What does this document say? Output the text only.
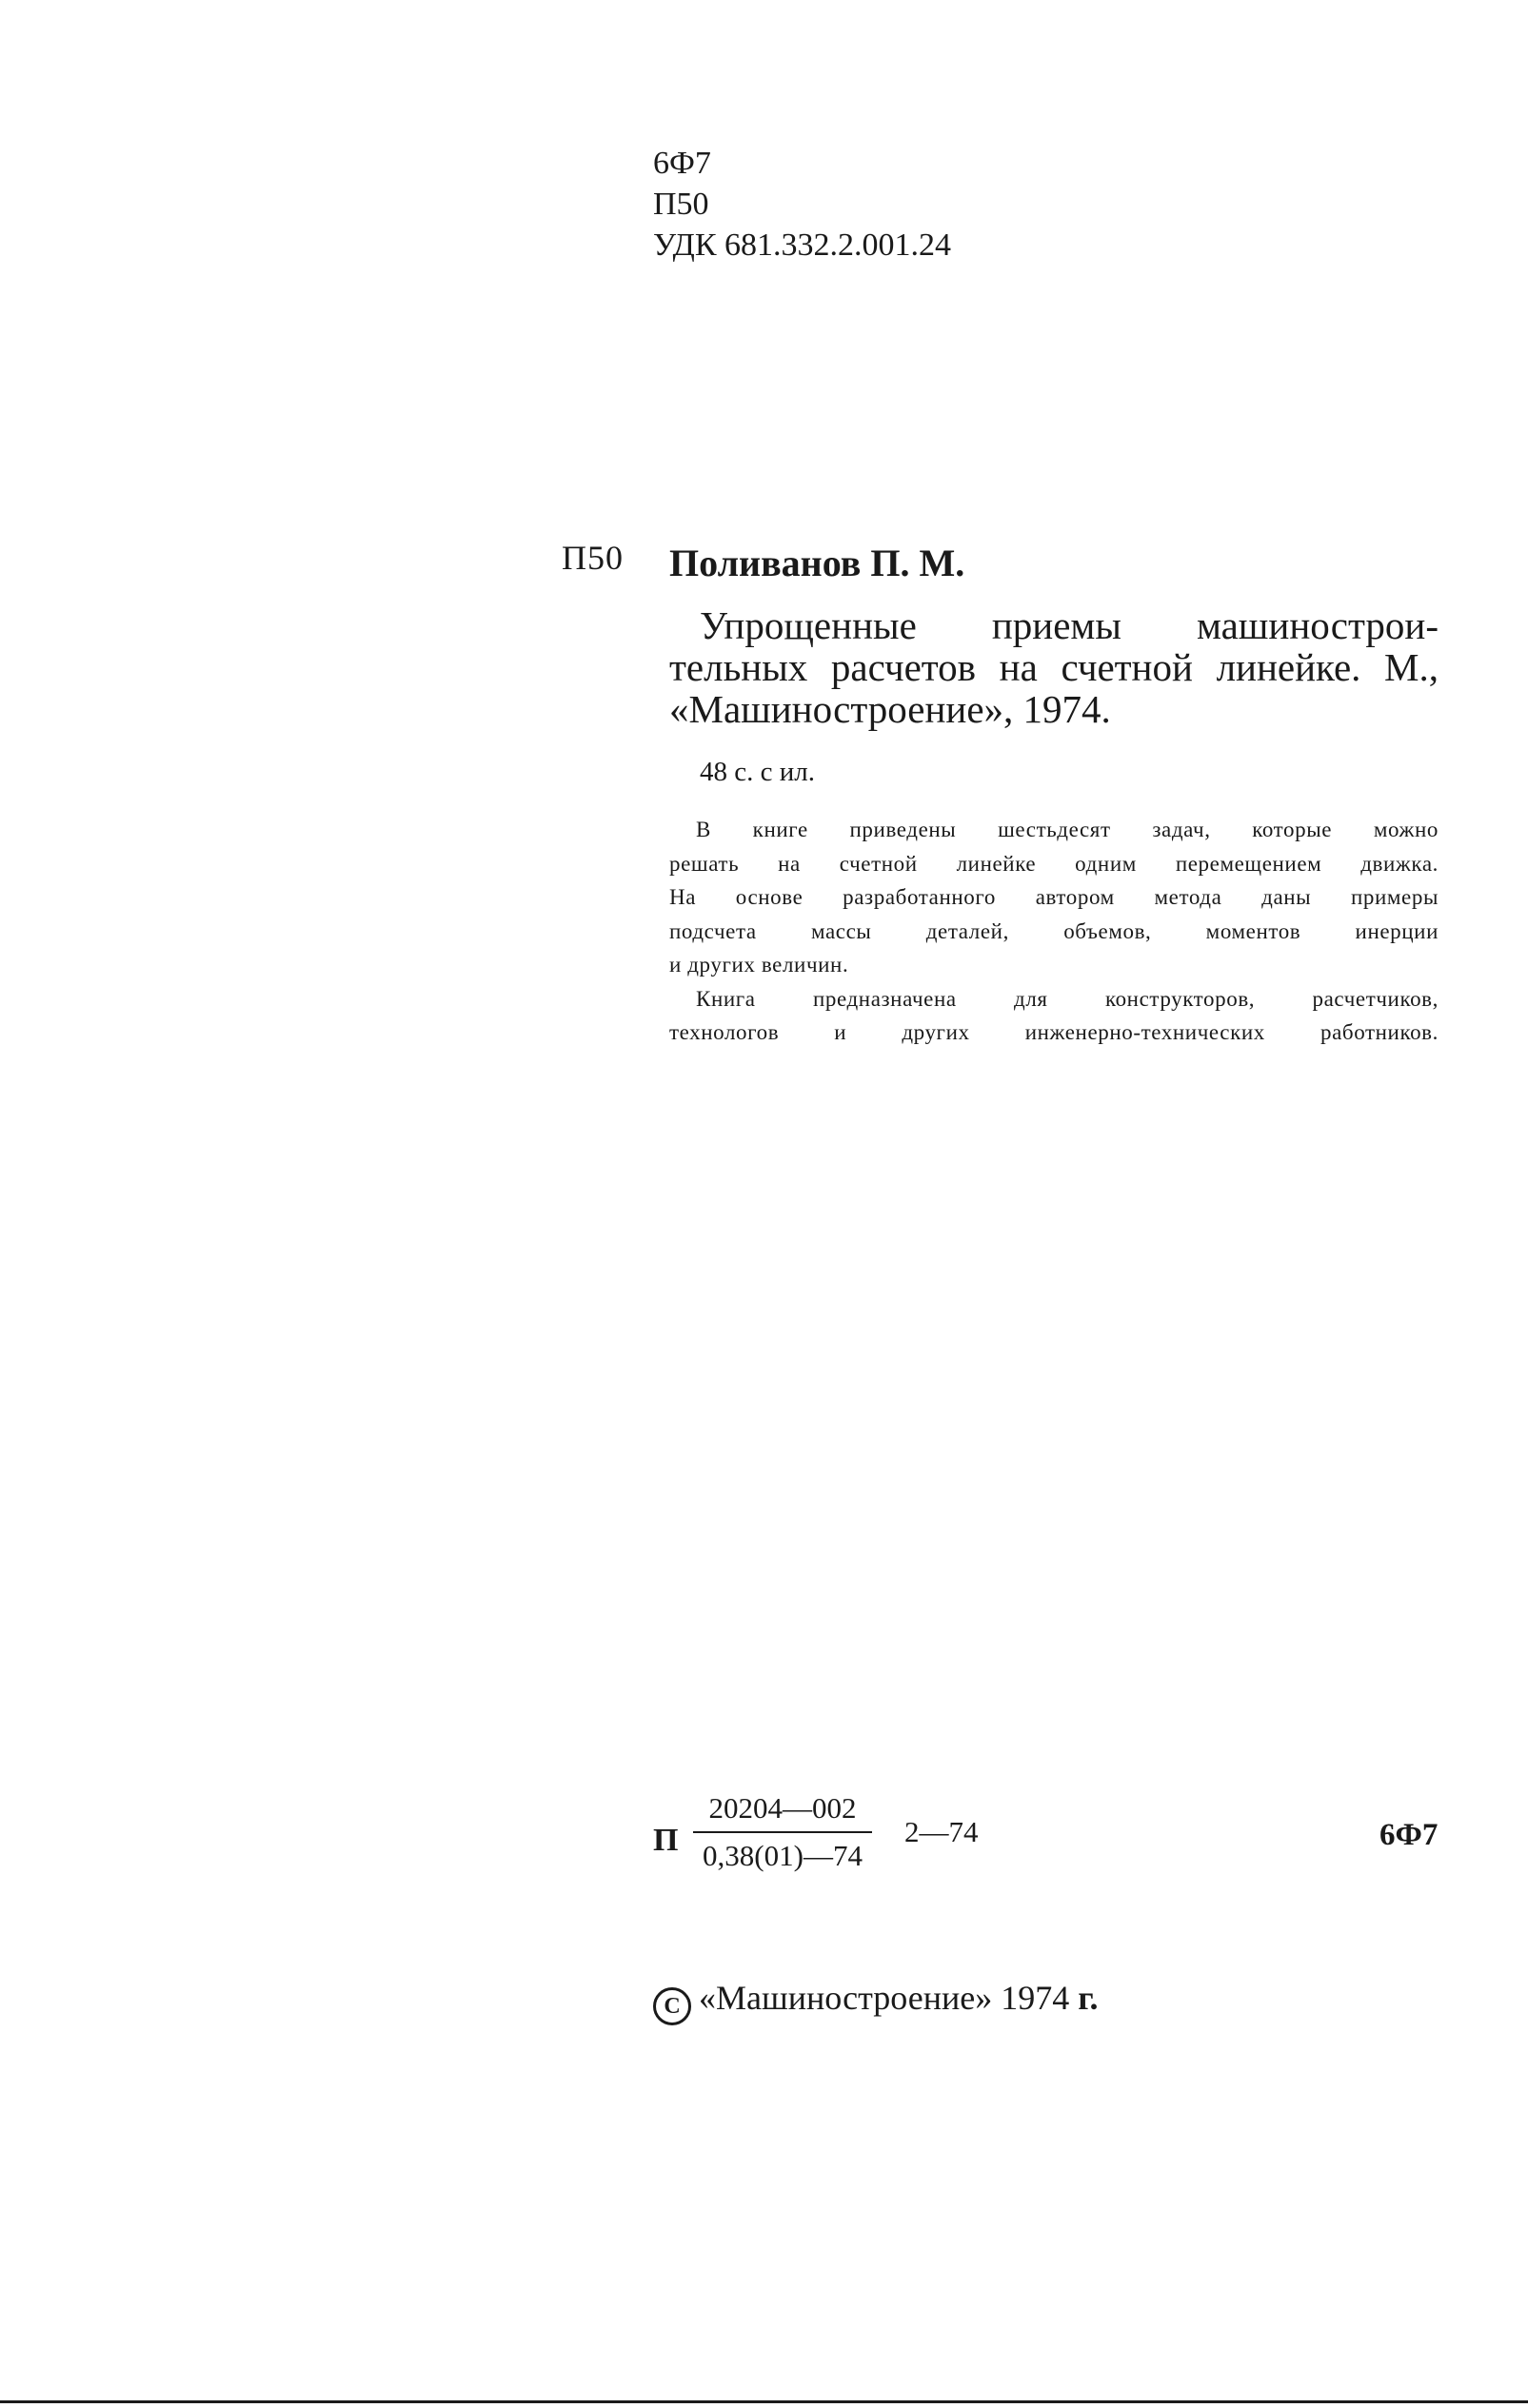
6Ф7
П50
УДК 681.332.2.001.24
П50 Поливанов П. М.
Упрощенные приемы машинострои-
тельных расчетов на счетной линейке. М.,
«Машиностроение», 1974.
48 с. с ил.
В книге приведены шестьдесят задач, которые можно
решать на счетной линейке одним перемещением движка.
На основе разработанного автором метода даны примеры
подсчета массы деталей, объемов, моментов инерции
и других величин.
Книга предназначена для конструкторов, расчетчиков,
технологов и других инженерно-технических работников.
П
20204—002
0,38(01)—74
2—74	6Ф7
С «Машиностроение» 1974 г.
